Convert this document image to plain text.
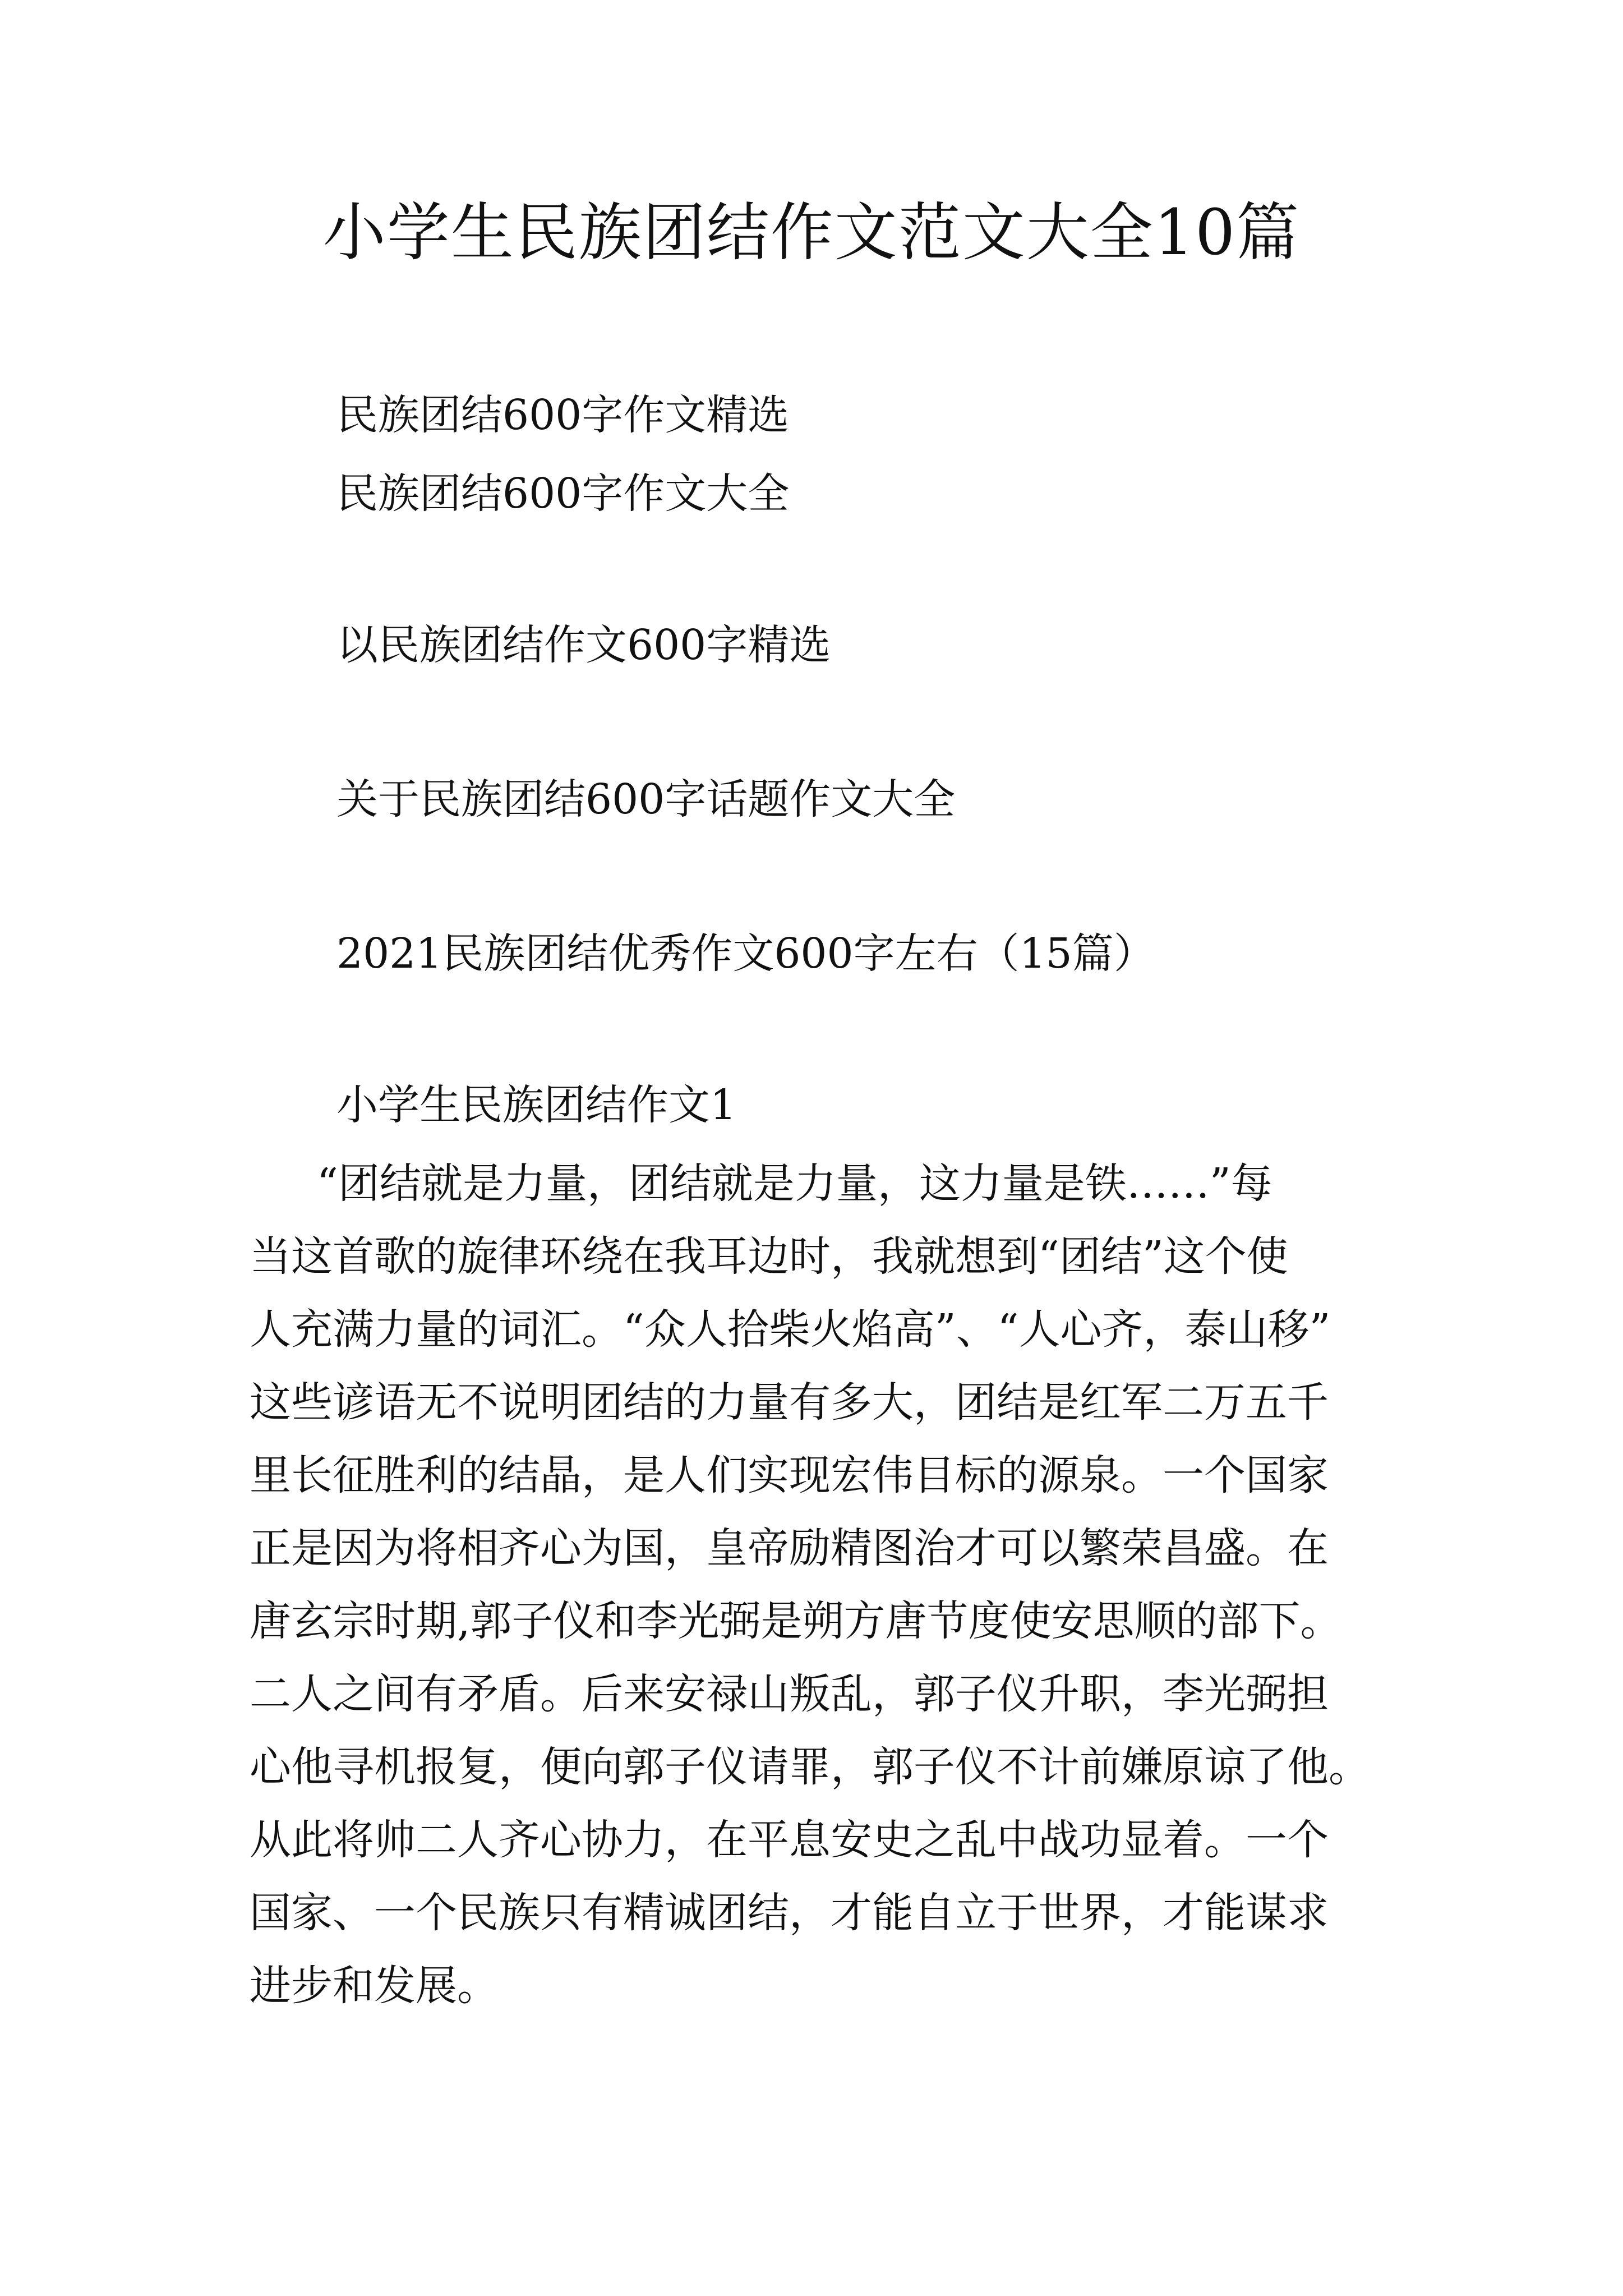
小学生民族团结作文范文大全10篇

民族团结600字作文精选

民族团结600字作文大全

以民族团结作文600字精选

关于民族团结600字话题作文大全

2021民族团结优秀作文600字左右（15篇）

小学生民族团结作文1

“团结就是力量，团结就是力量，这力量是铁……”每

当这首歌的旋律环绕在我耳边时，我就想到“团结”这个使

人充满力量的词汇。“众人拾柴火焰高”、“人心齐，泰山移”

这些谚语无不说明团结的力量有多大，团结是红军二万五千

里长征胜利的结晶，是人们实现宏伟目标的源泉。一个国家

正是因为将相齐心为国，皇帝励精图治才可以繁荣昌盛。在

唐玄宗时期,郭子仪和李光弼是朔方唐节度使安思顺的部下。

二人之间有矛盾。后来安禄山叛乱，郭子仪升职，李光弼担

心他寻机报复，便向郭子仪请罪，郭子仪不计前嫌原谅了他。

从此将帅二人齐心协力，在平息安史之乱中战功显着。一个

国家、一个民族只有精诚团结，才能自立于世界，才能谋求

进步和发展。
